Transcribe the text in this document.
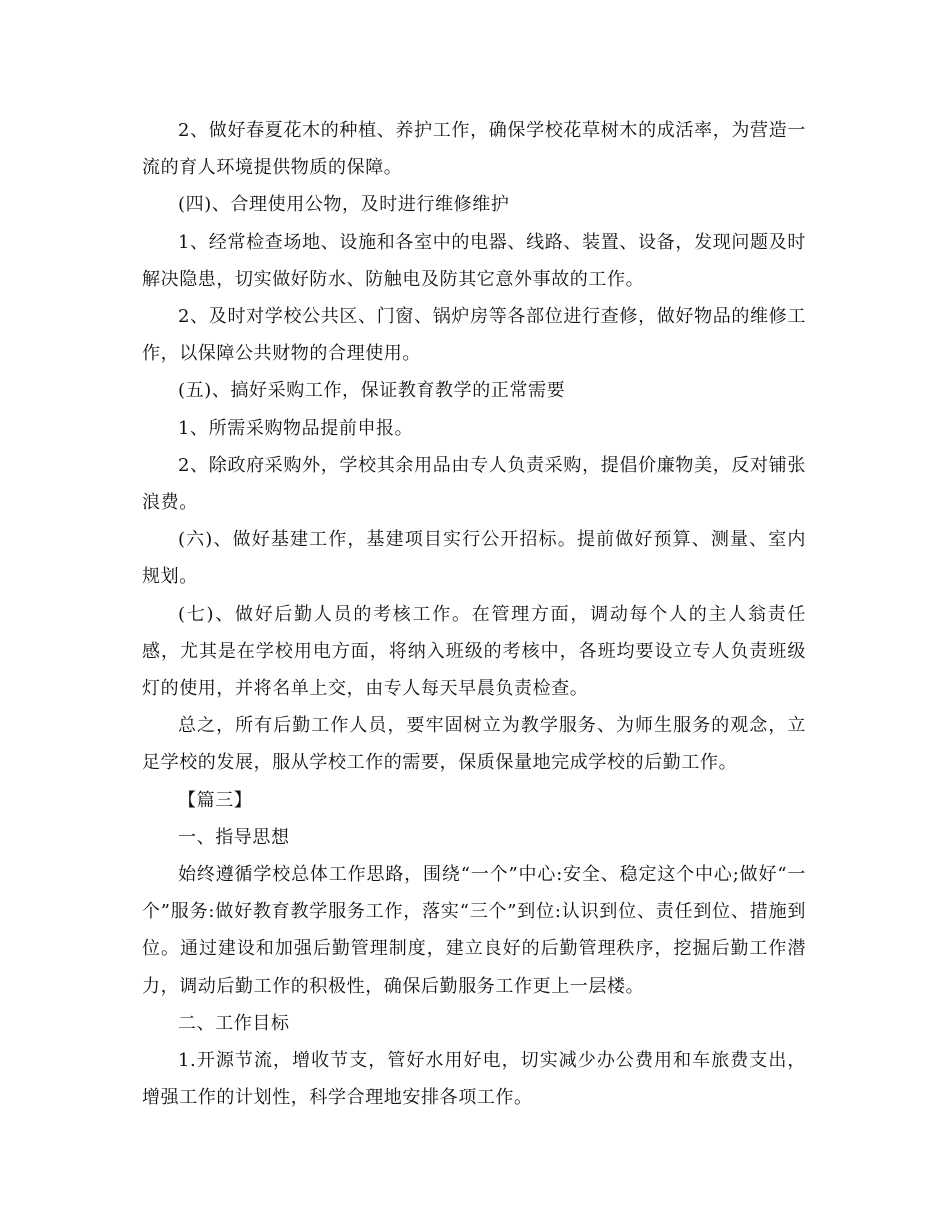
2、做好春夏花木的种植、养护工作，确保学校花草树木的成活率，为营造一流的育人环境提供物质的保障。

(四)、合理使用公物，及时进行维修维护

1、经常检查场地、设施和各室中的电器、线路、装置、设备，发现问题及时解决隐患，切实做好防水、防触电及防其它意外事故的工作。

2、及时对学校公共区、门窗、锅炉房等各部位进行查修，做好物品的维修工作，以保障公共财物的合理使用。

(五)、搞好采购工作，保证教育教学的正常需要

1、所需采购物品提前申报。

2、除政府采购外，学校其余用品由专人负责采购，提倡价廉物美，反对铺张浪费。

(六)、做好基建工作，基建项目实行公开招标。提前做好预算、测量、室内规划。

(七)、做好后勤人员的考核工作。在管理方面，调动每个人的主人翁责任感，尤其是在学校用电方面，将纳入班级的考核中，各班均要设立专人负责班级灯的使用，并将名单上交，由专人每天早晨负责检查。

总之，所有后勤工作人员，要牢固树立为教学服务、为师生服务的观念，立足学校的发展，服从学校工作的需要，保质保量地完成学校的后勤工作。

【篇三】

一、指导思想

始终遵循学校总体工作思路，围绕“一个”中心:安全、稳定这个中心;做好“一个”服务:做好教育教学服务工作，落实“三个”到位:认识到位、责任到位、措施到位。通过建设和加强后勤管理制度，建立良好的后勤管理秩序，挖掘后勤工作潜力，调动后勤工作的积极性，确保后勤服务工作更上一层楼。

二、工作目标

1.开源节流，增收节支，管好水用好电，切实减少办公费用和车旅费支出，增强工作的计划性，科学合理地安排各项工作。
